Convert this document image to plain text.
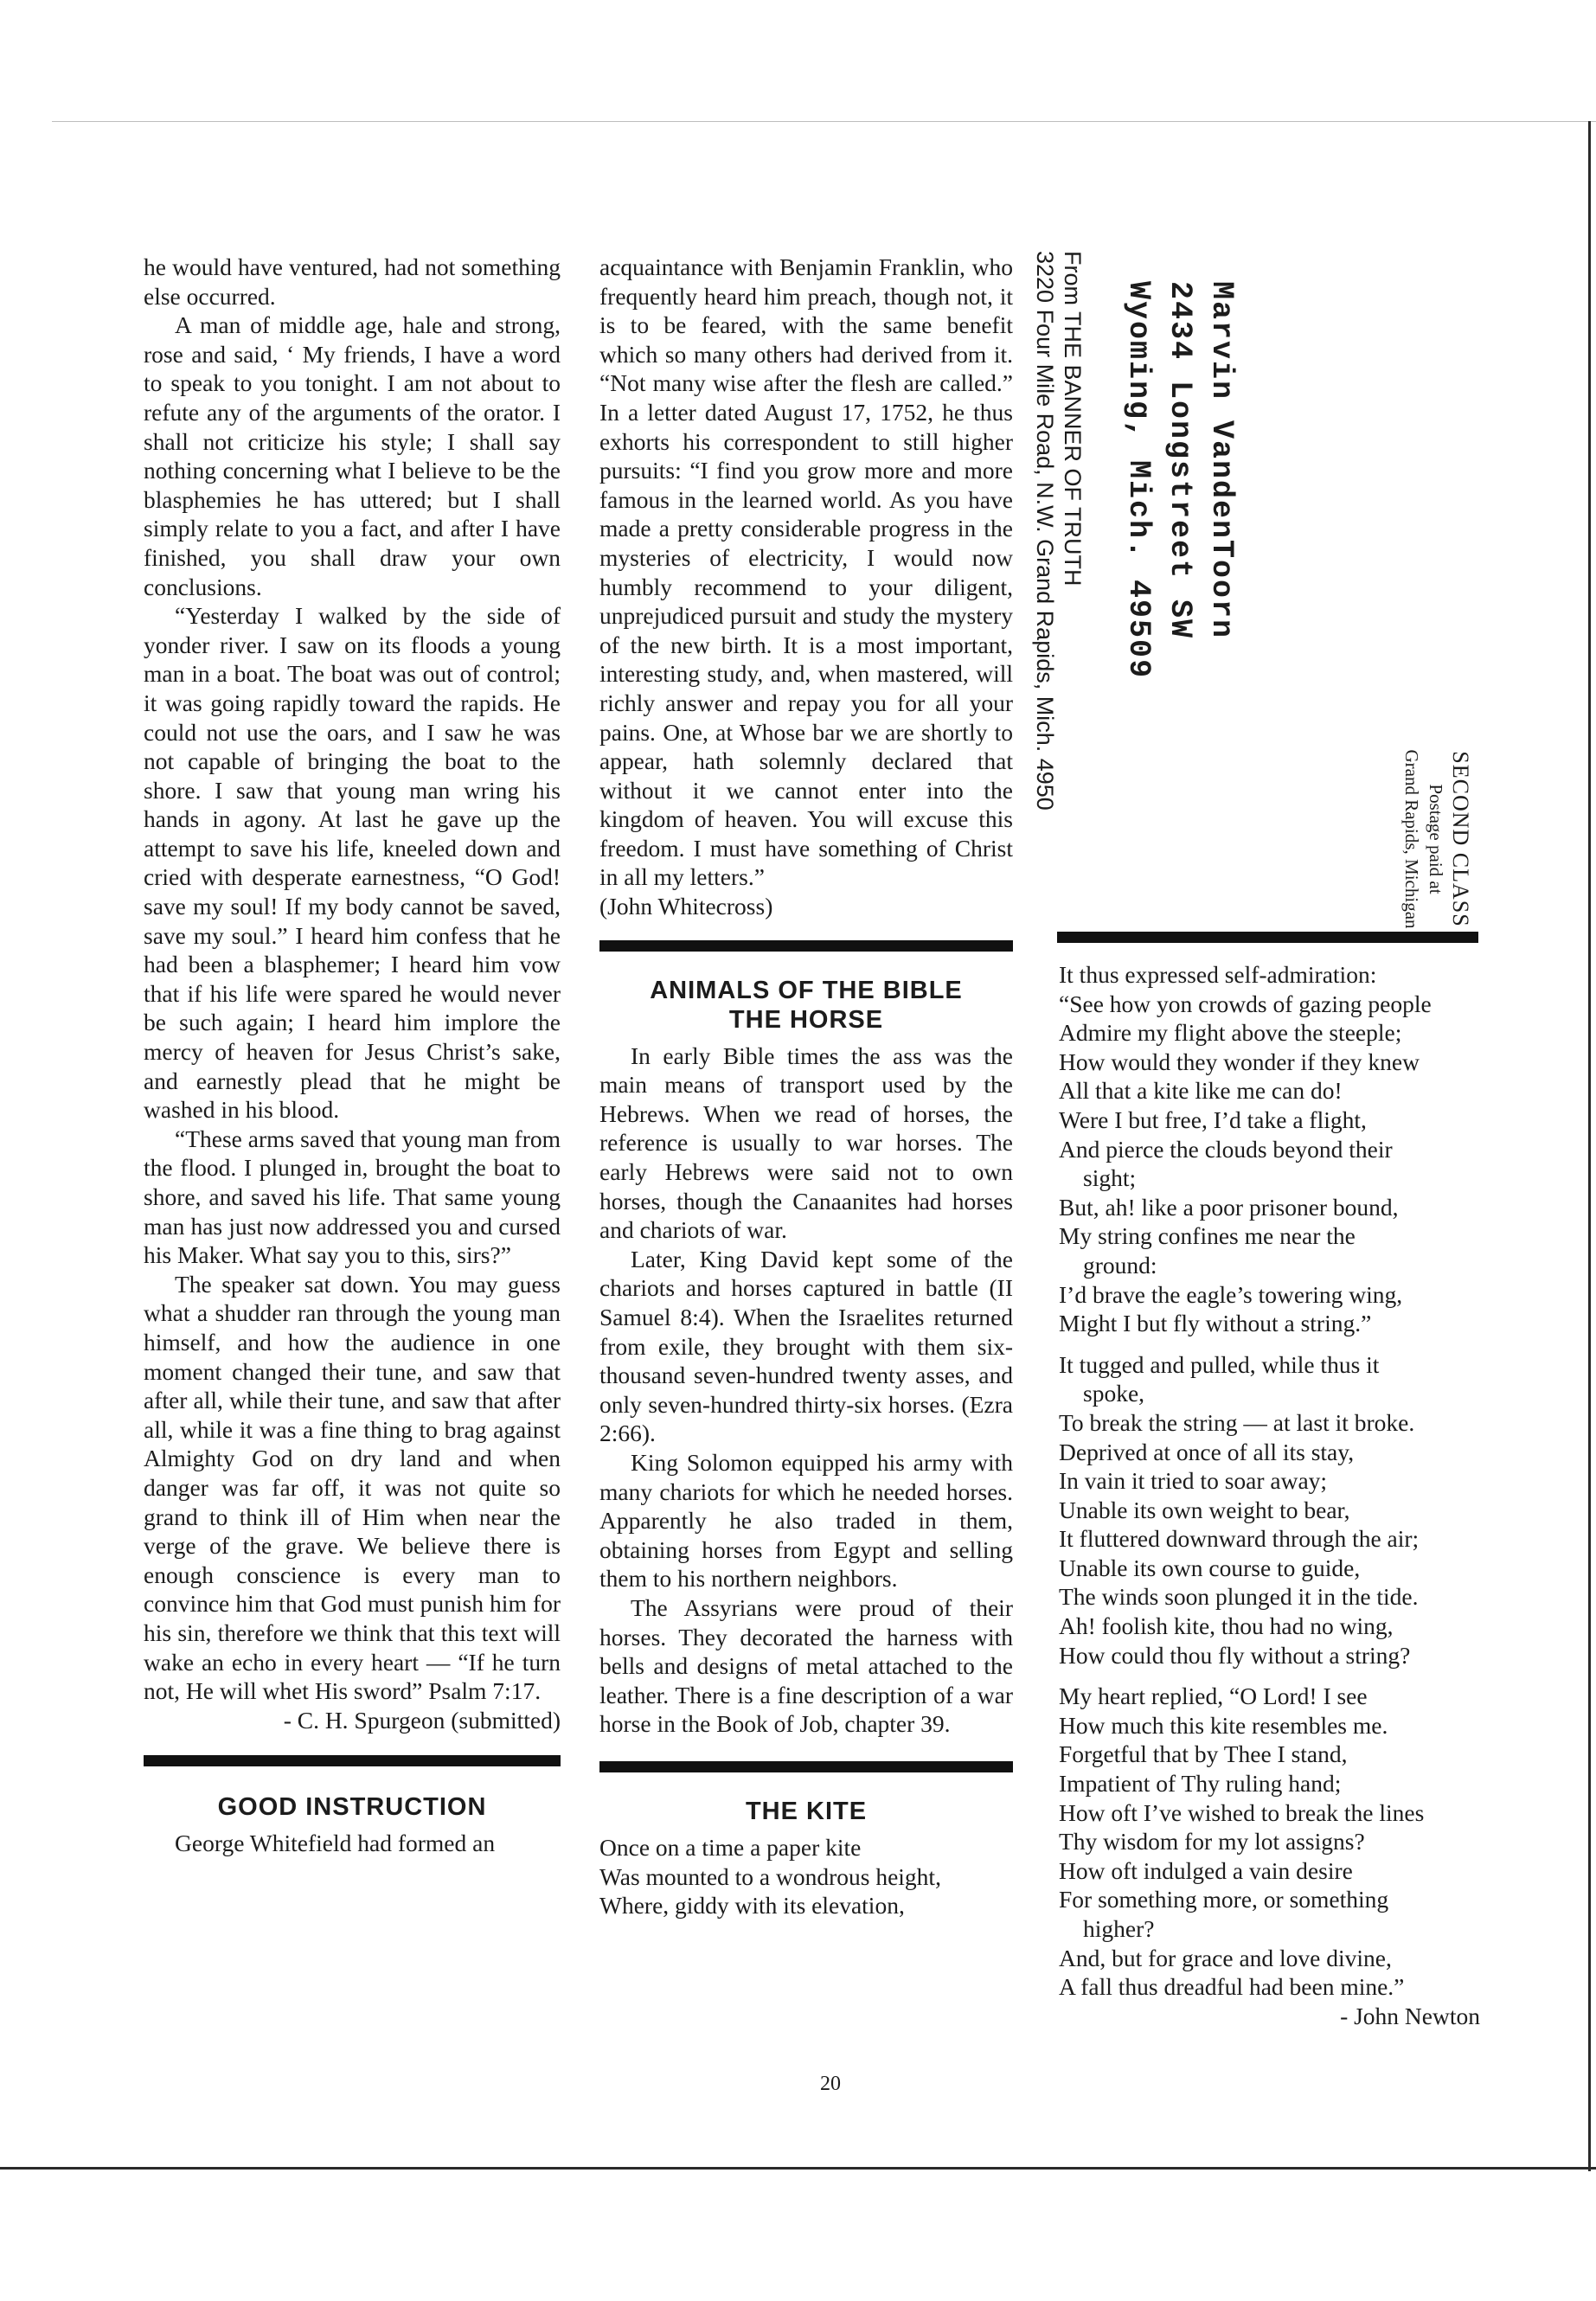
he would have ventured, had not something else occurred.

A man of middle age, hale and strong, rose and said, ‘ My friends, I have a word to speak to you tonight. I am not about to refute any of the arguments of the orator. I shall not criticize his style; I shall say nothing concerning what I believe to be the blasphemies he has uttered; but I shall simply relate to you a fact, and after I have finished, you shall draw your own conclusions.

“Yesterday I walked by the side of yonder river. I saw on its floods a young man in a boat. The boat was out of control; it was going rapidly toward the rapids. He could not use the oars, and I saw he was not capable of bringing the boat to the shore. I saw that young man wring his hands in agony. At last he gave up the attempt to save his life, kneeled down and cried with desperate earnestness, “O God! save my soul! If my body cannot be saved, save my soul.” I heard him confess that he had been a blasphemer; I heard him vow that if his life were spared he would never be such again; I heard him implore the mercy of heaven for Jesus Christ’s sake, and earnestly plead that he might be washed in his blood.

“These arms saved that young man from the flood. I plunged in, brought the boat to shore, and saved his life. That same young man has just now addressed you and cursed his Maker. What say you to this, sirs?”

The speaker sat down. You may guess what a shudder ran through the young man himself, and how the audience in one moment changed their tune, and saw that after all, while their tune, and saw that after all, while it was a fine thing to brag against Almighty God on dry land and when danger was far off, it was not quite so grand to think ill of Him when near the verge of the grave. We believe there is enough conscience is every man to convince him that God must punish him for his sin, therefore we think that this text will wake an echo in every heart — “If he turn not, He will whet His sword” Psalm 7:17.

- C. H. Spurgeon (submitted)

GOOD INSTRUCTION

George Whitefield had formed an

acquaintance with Benjamin Franklin, who frequently heard him preach, though not, it is to be feared, with the same benefit which so many others had derived from it. “Not many wise after the flesh are called.” In a letter dated August 17, 1752, he thus exhorts his correspondent to still higher pursuits: “I find you grow more and more famous in the learned world. As you have made a pretty considerable progress in the mysteries of electricity, I would now humbly recommend to your diligent, unprejudiced pursuit and study the mystery of the new birth. It is a most important, interesting study, and, when mastered, will richly answer and repay you for all your pains. One, at Whose bar we are shortly to appear, hath solemnly declared that without it we cannot enter into the kingdom of heaven. You will excuse this freedom. I must have something of Christ in all my letters.”

(John Whitecross)

ANIMALS OF THE BIBLE

THE HORSE

In early Bible times the ass was the main means of transport used by the Hebrews. When we read of horses, the reference is usually to war horses. The early Hebrews were said not to own horses, though the Canaanites had horses and chariots of war.

Later, King David kept some of the chariots and horses captured in battle (II Samuel 8:4). When the Israelites returned from exile, they brought with them six-thousand seven-hundred twenty asses, and only seven-hundred thirty-six horses. (Ezra 2:66).

King Solomon equipped his army with many chariots for which he needed horses. Apparently he also traded in them, obtaining horses from Egypt and selling them to his northern neighbors.

The Assyrians were proud of their horses. They decorated the harness with bells and designs of metal attached to the leather. There is a fine description of a war horse in the Book of Job, chapter 39.

THE KITE

Once on a time a paper kite
Was mounted to a wondrous height,
Where, giddy with its elevation,
Marvin VandenToorn
2434 Longstreet SW
Wyoming, Mich. 49509
From THE BANNER OF TRUTH
3220 Four Mile Road, N.W. Grand Rapids, Mich. 4950
SECOND CLASS
Postage paid at
Grand Rapids, Michigan
It thus expressed self-admiration:
“See how yon crowds of gazing people
Admire my flight above the steeple;
How would they wonder if they knew
All that a kite like me can do!
Were I but free, I’d take a flight,
And pierce the clouds beyond their
sight;
But, ah! like a poor prisoner bound,
My string confines me near the
ground:
I’d brave the eagle’s towering wing,
Might I but fly without a string.”
It tugged and pulled, while thus it
spoke,
To break the string — at last it broke.
Deprived at once of all its stay,
In vain it tried to soar away;
Unable its own weight to bear,
It fluttered downward through the air;
Unable its own course to guide,
The winds soon plunged it in the tide.
Ah! foolish kite, thou had no wing,
How could thou fly without a string?
My heart replied, “O Lord! I see
How much this kite resembles me.
Forgetful that by Thee I stand,
Impatient of Thy ruling hand;
How oft I’ve wished to break the lines
Thy wisdom for my lot assigns?
How oft indulged a vain desire
For something more, or something
higher?
And, but for grace and love divine,
A fall thus dreadful had been mine.”

- John Newton

20
